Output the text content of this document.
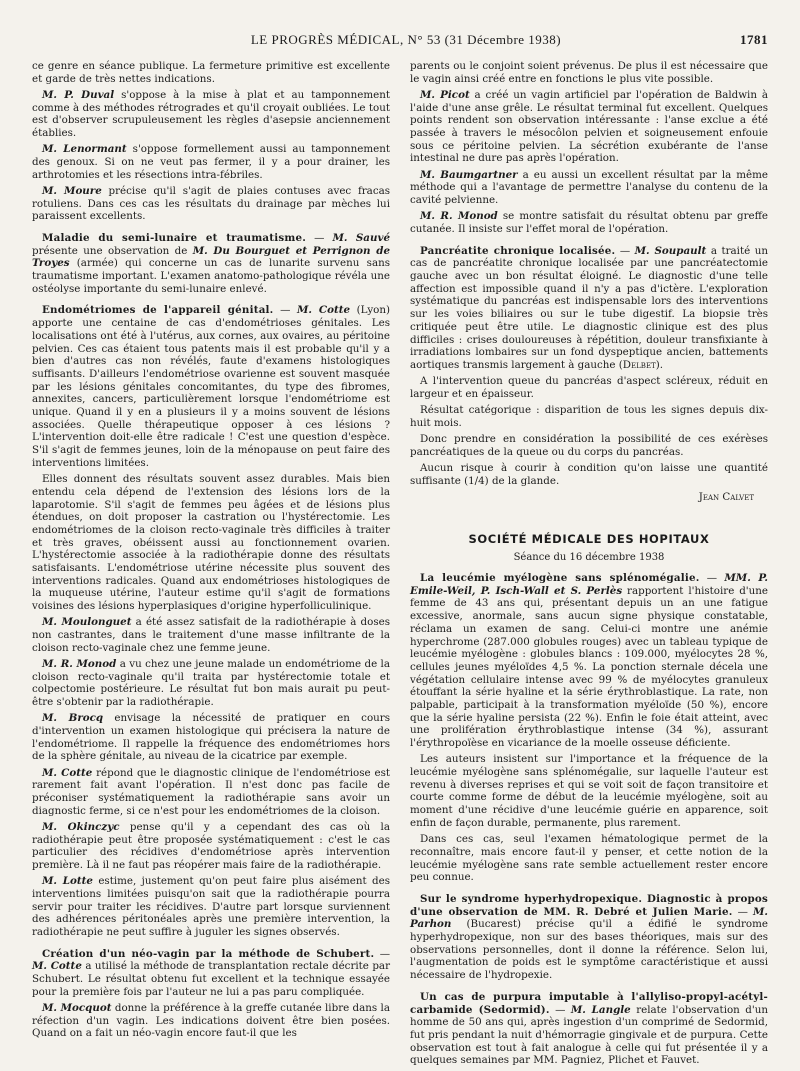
LE PROGRÈS MÉDICAL, N° 53 (31 Décembre 1938)	1781

ce genre en séance publique. La fermeture primitive est excellente et garde de très nettes indications.

M. P. Duval s'oppose à la mise à plat et au tamponnement comme à des méthodes rétrogrades et qu'il croyait oubliées. Le tout est d'observer scrupuleusement les règles d'asepsie anciennement établies.

M. Lenormant s'oppose formellement aussi au tamponnement des genoux. Si on ne veut pas fermer, il y a pour drainer, les arthrotomies et les résections intra-fébriles.

M. Moure précise qu'il s'agit de plaies contuses avec fracas rotuliens. Dans ces cas les résultats du drainage par mèches lui paraissent excellents.

Maladie du semi-lunaire et traumatisme. — M. Sauvé présente une observation de M. Du Bourguet et Perrignon de Troyes (armée) qui concerne un cas de lunarite survenu sans traumatisme important. L'examen anatomo-pathologique révéla une ostéolyse importante du semi-lunaire enlevé.

Endométriomes de l'appareil génital. — M. Cotte (Lyon) apporte une centaine de cas d'endométrioses génitales. Les localisations ont été à l'utérus, aux cornes, aux ovaires, au péritoine pelvien. Ces cas étaient tous patents mais il est probable qu'il y a bien d'autres cas non révélés, faute d'examens histologiques suffisants. D'ailleurs l'endométriose ovarienne est souvent masquée par les lésions génitales concomitantes, du type des fibromes, annexites, cancers, particulièrement lorsque l'endométriome est unique. Quand il y en a plusieurs il y a moins souvent de lésions associées. Quelle thérapeutique opposer à ces lésions ? L'intervention doit-elle être radicale ! C'est une question d'espèce. S'il s'agit de femmes jeunes, loin de la ménopause on peut faire des interventions limitées.

Elles donnent des résultats souvent assez durables. Mais bien entendu cela dépend de l'extension des lésions lors de la laparotomie. S'il s'agit de femmes peu âgées et de lésions plus étendues, on doit proposer la castration ou l'hystérectomie. Les endométriomes de la cloison recto-vaginale très difficiles à traiter et très graves, obéissent aussi au fonctionnement ovarien. L'hystérectomie associée à la radiothérapie donne des résultats satisfaisants. L'endométriose utérine nécessite plus souvent des interventions radicales. Quand aux endométrioses histologiques de la muqueuse utérine, l'auteur estime qu'il s'agit de formations voisines des lésions hyperplasiques d'origine hyperfolliculinique.

M. Moulonguet a été assez satisfait de la radiothérapie à doses non castrantes, dans le traitement d'une masse infiltrante de la cloison recto-vaginale chez une femme jeune.

M. R. Monod a vu chez une jeune malade un endométriome de la cloison recto-vaginale qu'il traita par hystérectomie totale et colpectomie postérieure. Le résultat fut bon mais aurait pu peut-être s'obtenir par la radiothérapie.

M. Brocq envisage la nécessité de pratiquer en cours d'intervention un examen histologique qui précisera la nature de l'endométriome. Il rappelle la fréquence des endométriomes hors de la sphère génitale, au niveau de la cicatrice par exemple.

M. Cotte répond que le diagnostic clinique de l'endométriose est rarement fait avant l'opération. Il n'est donc pas facile de préconiser systématiquement la radiothérapie sans avoir un diagnostic ferme, si ce n'est pour les endométriomes de la cloison.

M. Okinczyc pense qu'il y a cependant des cas où la radiothérapie peut être proposée systématiquement : c'est le cas particulier des récidives d'endométriose après intervention première. Là il ne faut pas réopérer mais faire de la radiothérapie.

M. Lotte estime, justement qu'on peut faire plus aisément des interventions limitées puisqu'on sait que la radiothérapie pourra servir pour traiter les récidives. D'autre part lorsque surviennent des adhérences péritonéales après une première intervention, la radiothérapie ne peut suffire à juguler les signes observés.

Création d'un néo-vagin par la méthode de Schubert. — M. Cotte a utilisé la méthode de transplantation rectale décrite par Schubert. Le résultat obtenu fut excellent et la technique essayée pour la première fois par l'auteur ne lui a pas paru compliquée.

M. Mocquot donne la préférence à la greffe cutanée libre dans la réfection d'un vagin. Les indications doivent être bien posées. Quand on a fait un néo-vagin encore faut-il que les

parents ou le conjoint soient prévenus. De plus il est nécessaire que le vagin ainsi créé entre en fonctions le plus vite possible.

M. Picot a créé un vagin artificiel par l'opération de Baldwin à l'aide d'une anse grêle. Le résultat terminal fut excellent. Quelques points rendent son observation intéressante : l'anse exclue a été passée à travers le mésocôlon pelvien et soigneusement enfouie sous ce péritoine pelvien. La sécrétion exubérante de l'anse intestinal ne dure pas après l'opération.

M. Baumgartner a eu aussi un excellent résultat par la même méthode qui a l'avantage de permettre l'analyse du contenu de la cavité pelvienne.

M. R. Monod se montre satisfait du résultat obtenu par greffe cutanée. Il insiste sur l'effet moral de l'opération.

Pancréatite chronique localisée. — M. Soupault a traité un cas de pancréatite chronique localisée par une pancréatectomie gauche avec un bon résultat éloigné. Le diagnostic d'une telle affection est impossible quand il n'y a pas d'ictère. L'exploration systématique du pancréas est indispensable lors des interventions sur les voies biliaires ou sur le tube digestif. La biopsie très critiquée peut être utile. Le diagnostic clinique est des plus difficiles : crises douloureuses à répétition, douleur transfixiante à irradiations lombaires sur un fond dyspeptique ancien, battements aortiques transmis largement à gauche (Delbet).

A l'intervention queue du pancréas d'aspect scléreux, réduit en largeur et en épaisseur.

Résultat catégorique : disparition de tous les signes depuis dix-huit mois.

Donc prendre en considération la possibilité de ces exérèses pancréatiques de la queue ou du corps du pancréas.

Aucun risque à courir à condition qu'on laisse une quantité suffisante (1/4) de la glande.

Jean Calvet

SOCIÉTÉ MÉDICALE DES HOPITAUX
Séance du 16 décembre 1938

La leucémie myélogène sans splénomégalie. — MM. P. Emile-Weil, P. Isch-Wall et S. Perlès rapportent l'histoire d'une femme de 43 ans qui, présentant depuis un an une fatigue excessive, anormale, sans aucun signe physique constatable, réclama un examen de sang. Celui-ci montre une anémie hyperchrome (287.000 globules rouges) avec un tableau typique de leucémie myélogène : globules blancs : 109.000, myélocytes 28 %, cellules jeunes myéloïdes 4,5 %. La ponction sternale décela une végétation cellulaire intense avec 99 % de myélocytes granuleux étouffant la série hyaline et la série érythroblastique. La rate, non palpable, participait à la transformation myéloïde (50 %), encore que la série hyaline persista (22 %). Enfin le foie était atteint, avec une prolifération érythroblastique intense (34 %), assurant l'érythropoïèse en vicariance de la moelle osseuse déficiente.

Les auteurs insistent sur l'importance et la fréquence de la leucémie myélogène sans splénomégalie, sur laquelle l'auteur est revenu à diverses reprises et qui se voit soit de façon transitoire et courte comme forme de début de la leucémie myélogène, soit au moment d'une récidive d'une leucémie guérie en apparence, soit enfin de façon durable, permanente, plus rarement.

Dans ces cas, seul l'examen hématologique permet de la reconnaître, mais encore faut-il y penser, et cette notion de la leucémie myélogène sans rate semble actuellement rester encore peu connue.

Sur le syndrome hyperhydropexique. Diagnostic à propos d'une observation de MM. R. Debré et Julien Marie. — M. Parhon (Bucarest) précise qu'il a édifié le syndrome hyperhydropexique, non sur des bases théoriques, mais sur des observations personnelles, dont il donne la référence. Selon lui, l'augmentation de poids est le symptôme caractéristique et aussi nécessaire de l'hydropexie.

Un cas de purpura imputable à l'allyliso-propyl-acétyl-carbamide (Sedormid). — M. Langle relate l'observation d'un homme de 50 ans qui, après ingestion d'un comprimé de Sedormid, fut pris pendant la nuit d'hémorragie gingivale et de purpura. Cette observation est tout à fait analogue à celle qui fut présentée il y a quelques semaines par MM. Pagniez, Plichet et Fauvet.
